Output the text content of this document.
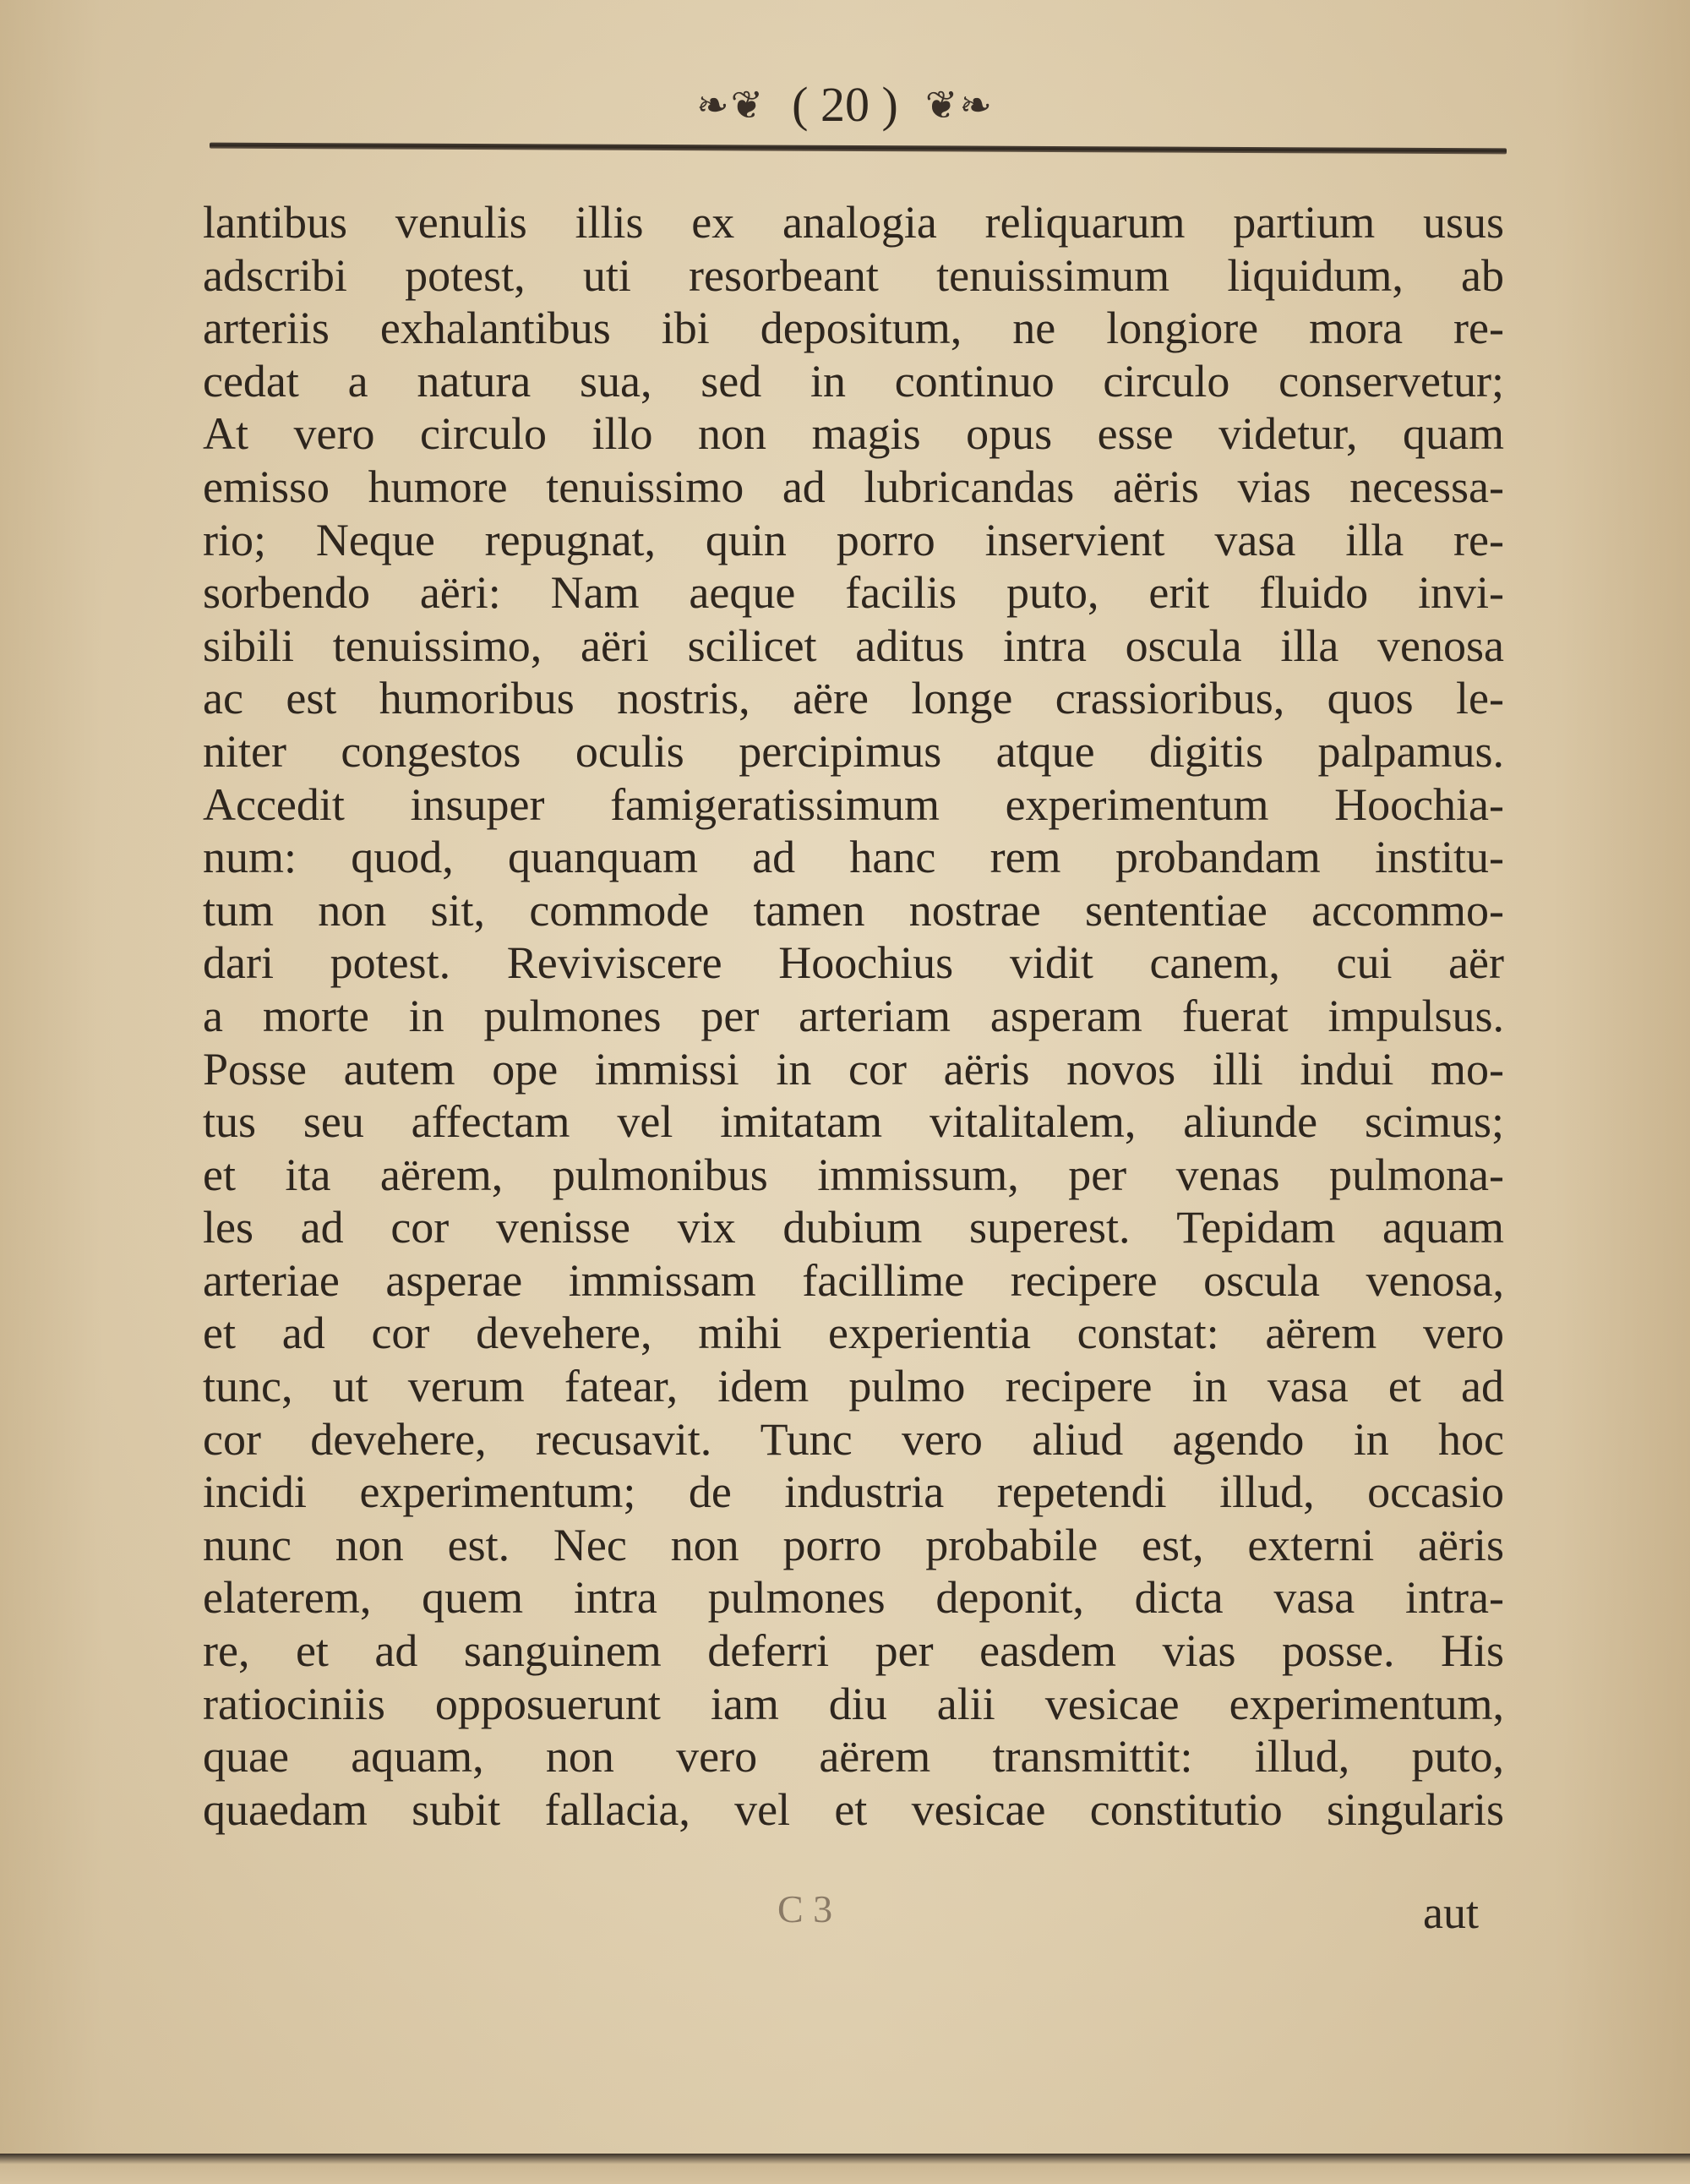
❧❦ ( 20 ) ❦❧
lantibus venulis illis ex analogia reliquarum partium usus
adscribi potest, uti resorbeant tenuissimum liquidum, ab
arteriis exhalantibus ibi depositum, ne longiore mora re-
cedat a natura sua, sed in continuo circulo conservetur;
At vero circulo illo non magis opus esse videtur, quam
emisso humore tenuissimo ad lubricandas aëris vias necessa-
rio; Neque repugnat, quin porro inservient vasa illa re-
sorbendo aëri: Nam aeque facilis puto, erit fluido invi-
sibili tenuissimo, aëri scilicet aditus intra oscula illa venosa
ac est humoribus nostris, aëre longe crassioribus, quos le-
niter congestos oculis percipimus atque digitis palpamus.
Accedit insuper famigeratissimum experimentum Hoochia-
num: quod, quanquam ad hanc rem probandam institu-
tum non sit, commode tamen nostrae sententiae accommo-
dari potest. Reviviscere Hoochius vidit canem, cui aër
a morte in pulmones per arteriam asperam fuerat impulsus.
Posse autem ope immissi in cor aëris novos illi indui mo-
tus seu affectam vel imitatam vitalitalem, aliunde scimus;
et ita aërem, pulmonibus immissum, per venas pulmona-
les ad cor venisse vix dubium superest. Tepidam aquam
arteriae asperae immissam facillime recipere oscula venosa,
et ad cor devehere, mihi experientia constat: aërem vero
tunc, ut verum fatear, idem pulmo recipere in vasa et ad
cor devehere, recusavit. Tunc vero aliud agendo in hoc
incidi experimentum; de industria repetendi illud, occasio
nunc non est. Nec non porro probabile est, externi aëris
elaterem, quem intra pulmones deponit, dicta vasa intra-
re, et ad sanguinem deferri per easdem vias posse. His
ratiociniis opposuerunt iam diu alii vesicae experimentum,
quae aquam, non vero aërem transmittit: illud, puto,
quaedam subit fallacia, vel et vesicae constitutio singularis
C 3	aut
